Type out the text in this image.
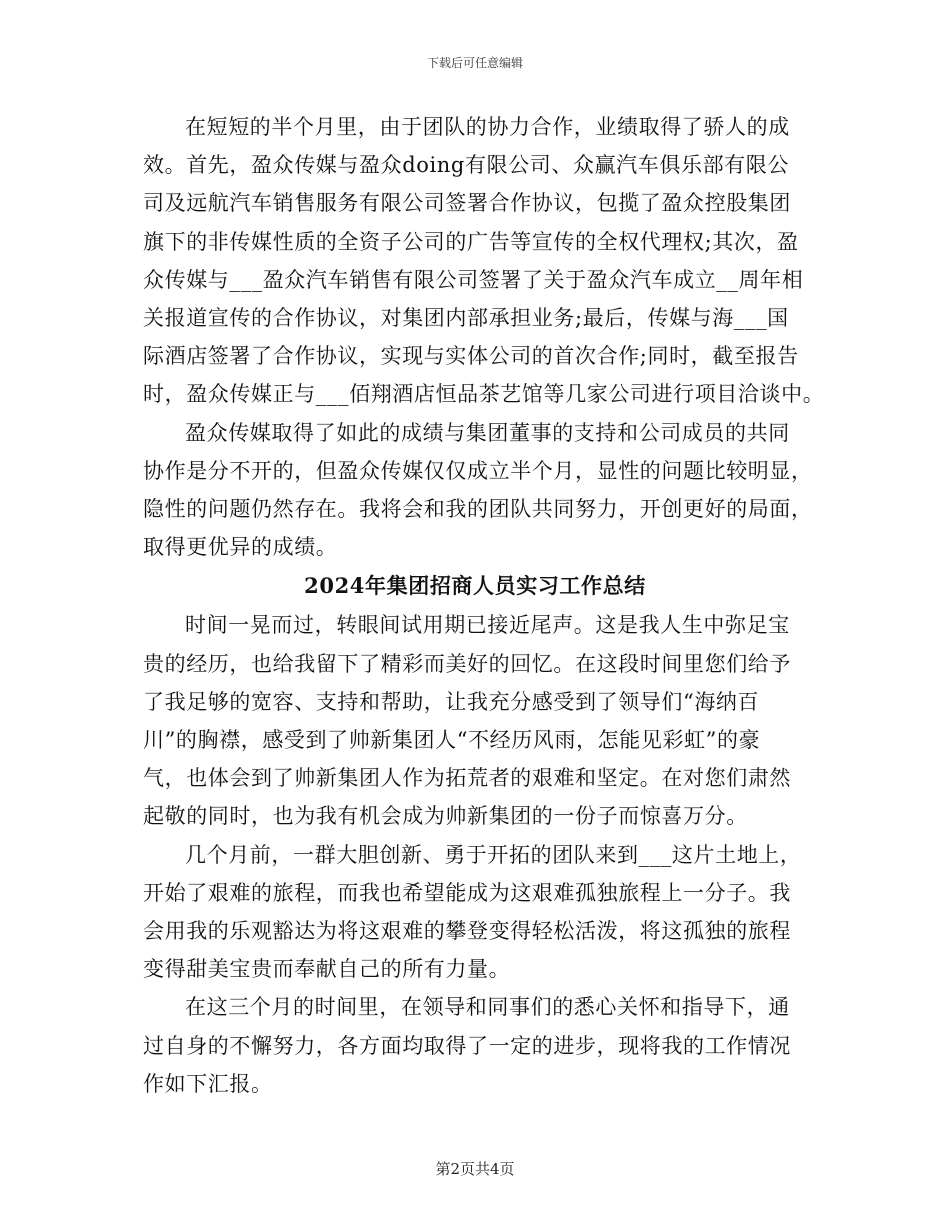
下载后可任意编辑
在短短的半个月里，由于团队的协力合作，业绩取得了骄人的成
效。首先，盈众传媒与盈众doing有限公司、众赢汽车俱乐部有限公
司及远航汽车销售服务有限公司签署合作协议，包揽了盈众控股集团
旗下的非传媒性质的全资子公司的广告等宣传的全权代理权;其次，盈
众传媒与___盈众汽车销售有限公司签署了关于盈众汽车成立__周年相
关报道宣传的合作协议，对集团内部承担业务;最后，传媒与海___国
际酒店签署了合作协议，实现与实体公司的首次合作;同时，截至报告
时，盈众传媒正与___佰翔酒店恒品茶艺馆等几家公司进行项目洽谈中。
盈众传媒取得了如此的成绩与集团董事的支持和公司成员的共同
协作是分不开的，但盈众传媒仅仅成立半个月，显性的问题比较明显，
隐性的问题仍然存在。我将会和我的团队共同努力，开创更好的局面，
取得更优异的成绩。
2024年集团招商人员实习工作总结
时间一晃而过，转眼间试用期已接近尾声。这是我人生中弥足宝
贵的经历，也给我留下了精彩而美好的回忆。在这段时间里您们给予
了我足够的宽容、支持和帮助，让我充分感受到了领导们“海纳百
川”的胸襟，感受到了帅新集团人“不经历风雨，怎能见彩虹”的豪
气，也体会到了帅新集团人作为拓荒者的艰难和坚定。在对您们肃然
起敬的同时，也为我有机会成为帅新集团的一份子而惊喜万分。
几个月前，一群大胆创新、勇于开拓的团队来到___这片土地上，
开始了艰难的旅程，而我也希望能成为这艰难孤独旅程上一分子。我
会用我的乐观豁达为将这艰难的攀登变得轻松活泼，将这孤独的旅程
变得甜美宝贵而奉献自己的所有力量。
在这三个月的时间里，在领导和同事们的悉心关怀和指导下，通
过自身的不懈努力，各方面均取得了一定的进步，现将我的工作情况
作如下汇报。
第2页共4页
